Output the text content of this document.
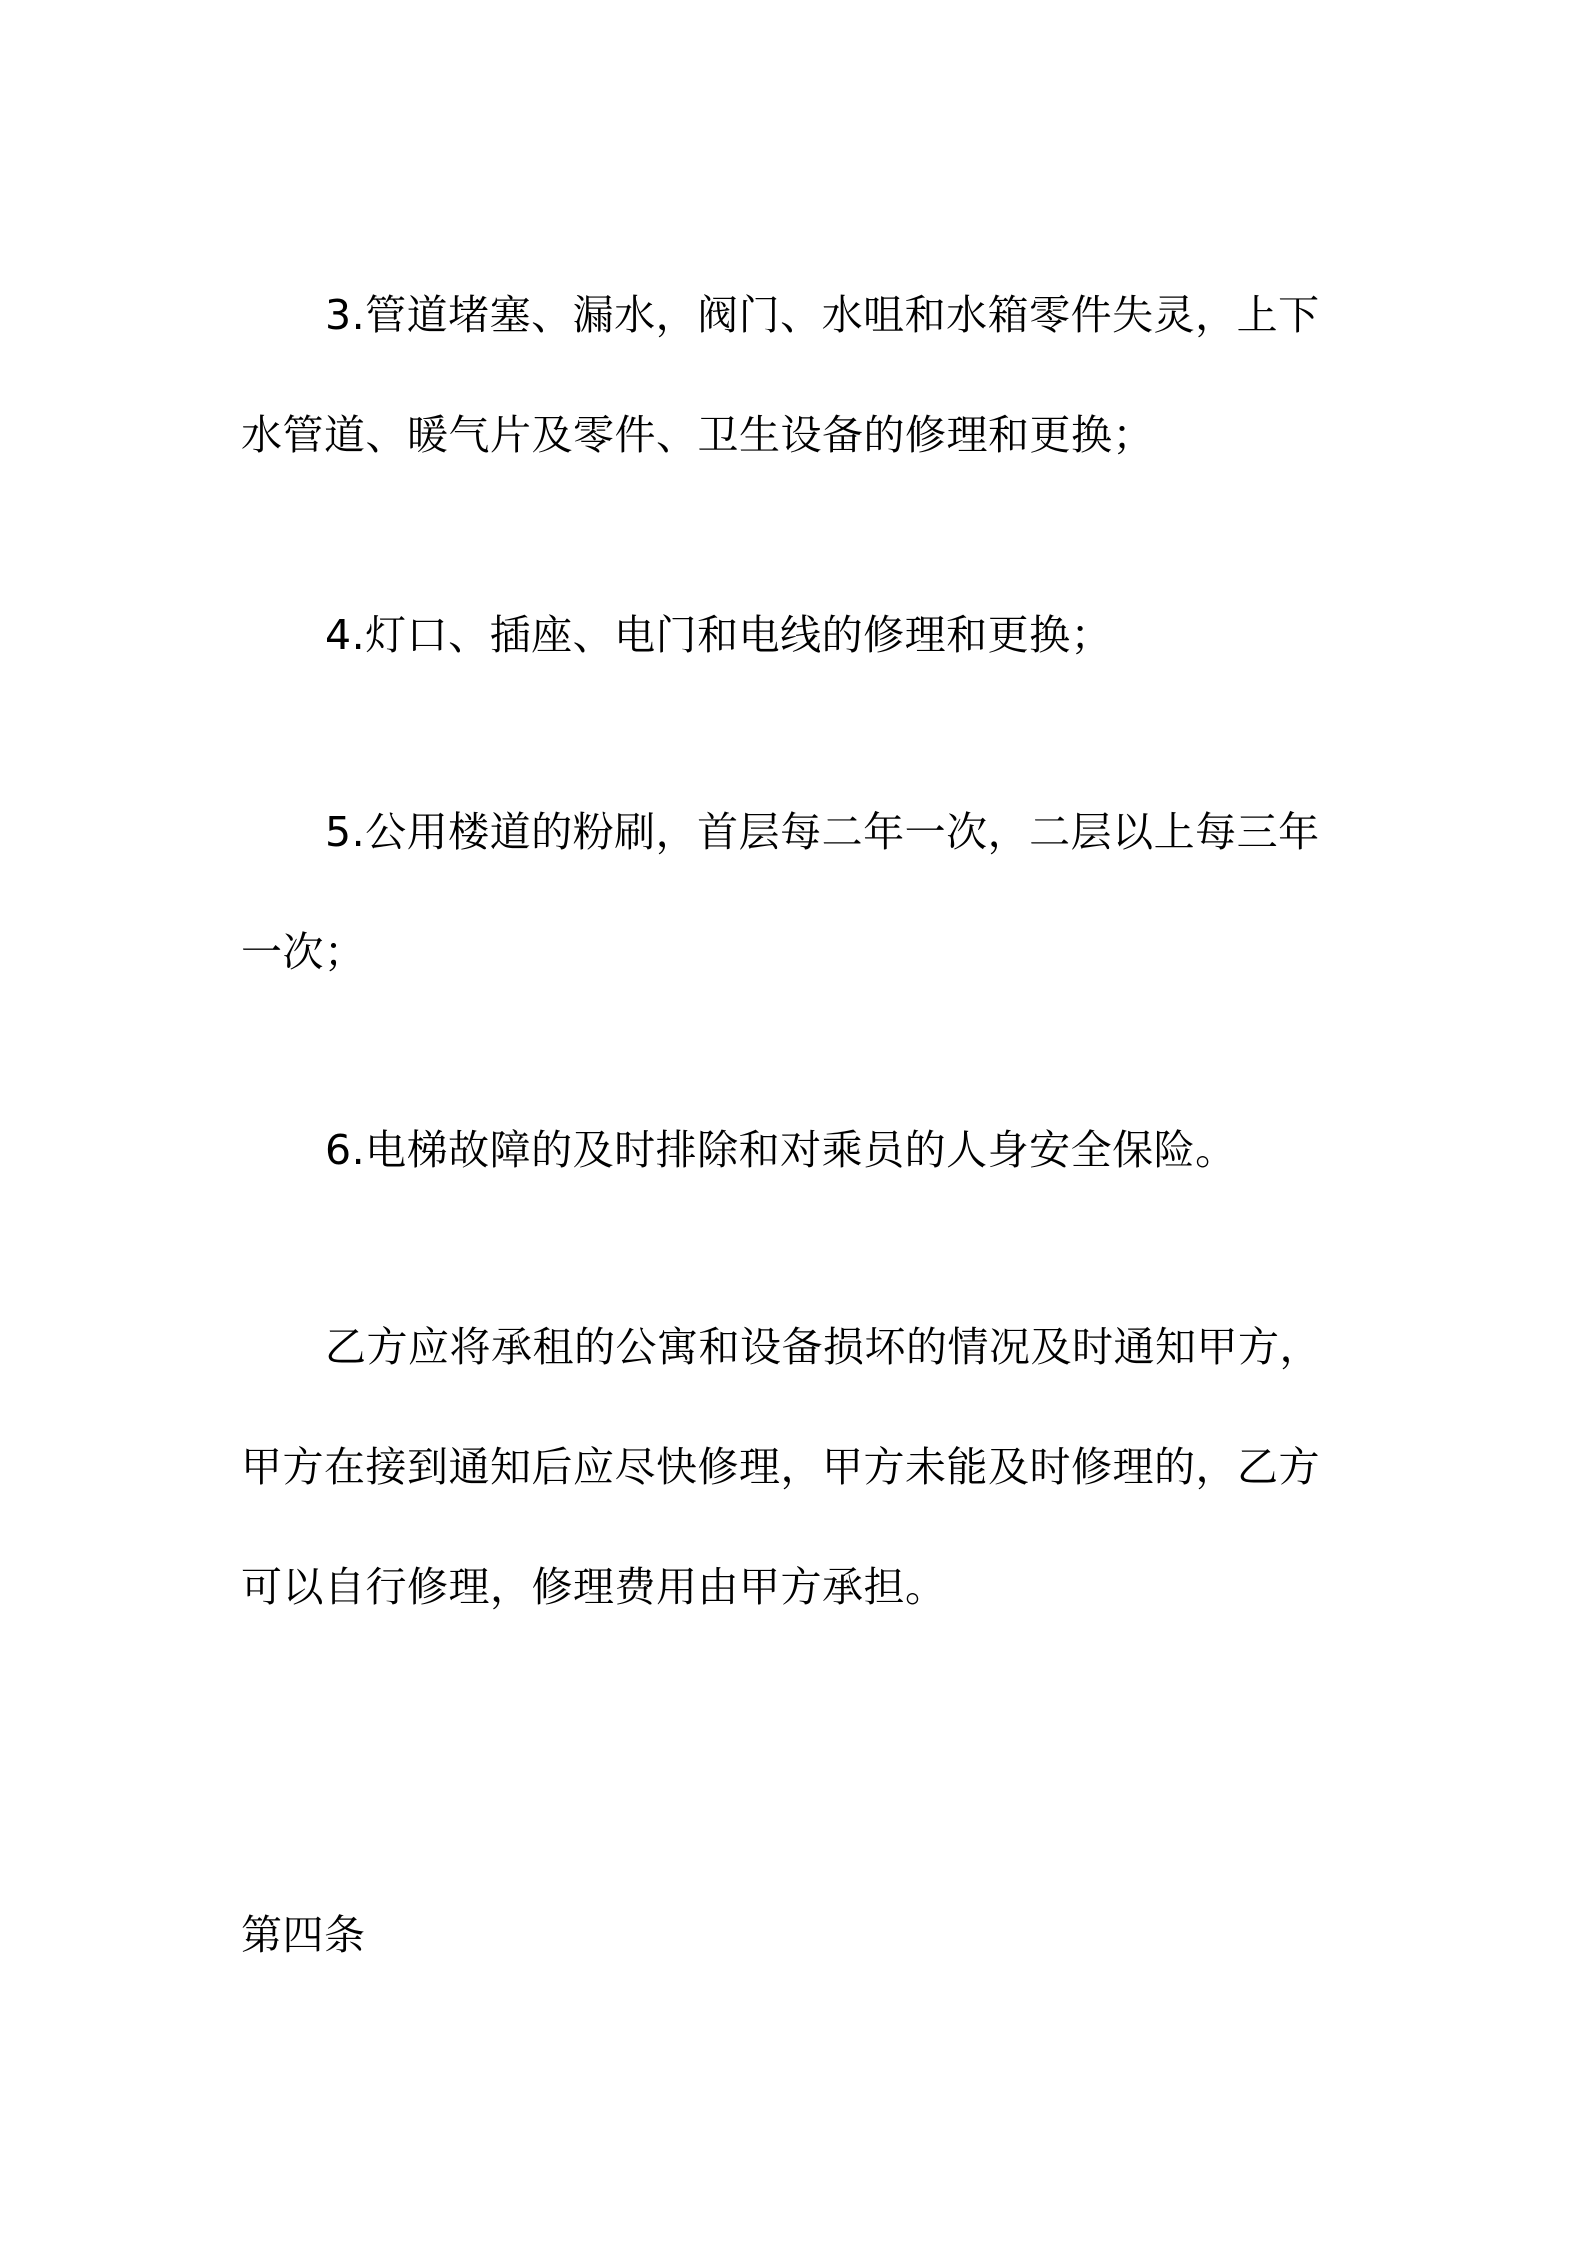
3.管道堵塞、漏水，阀门、水咀和水箱零件失灵，上下水管道、暖气片及零件、卫生设备的修理和更换；

4.灯口、插座、电门和电线的修理和更换；

5.公用楼道的粉刷，首层每二年一次，二层以上每三年一次；

6.电梯故障的及时排除和对乘员的人身安全保险。

乙方应将承租的公寓和设备损坏的情况及时通知甲方，甲方在接到通知后应尽快修理，甲方未能及时修理的，乙方可以自行修理，修理费用由甲方承担。

第四条
